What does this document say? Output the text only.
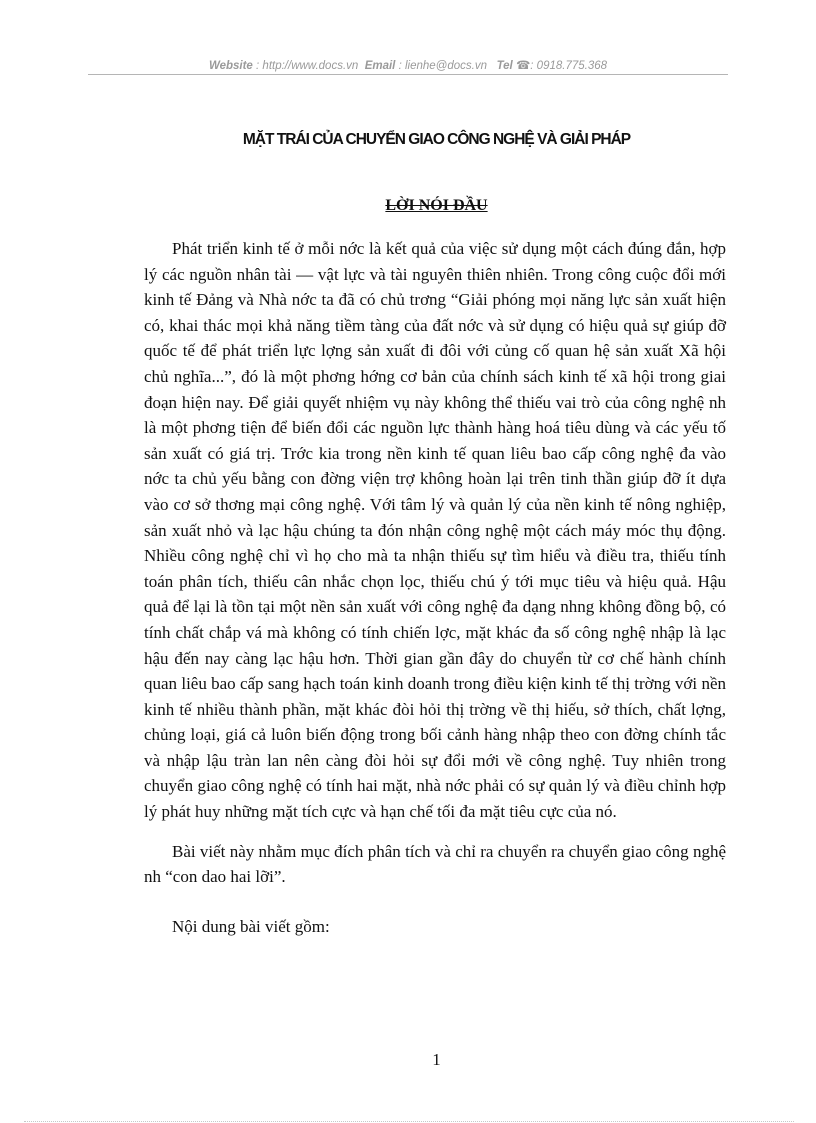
Website : http://www.docs.vn Email : lienhe@docs.vn Tel ☎: 0918.775.368
MẶT TRÁI CỦA CHUYỂN GIAO CÔNG NGHỆ VÀ GIẢI PHÁP
LỜI NÓI ĐẦU

Phát triển kinh tế ở mỗi nớc là kết quả của việc sử dụng một cách đúng đắn, hợp lý các nguồn nhân tài — vật lực và tài nguyên thiên nhiên. Trong công cuộc đổi mới kinh tế Đảng và Nhà nớc ta đã có chủ trơng “Giải phóng mọi năng lực sản xuất hiện có, khai thác mọi khả năng tiềm tàng của đất nớc và sử dụng có hiệu quả sự giúp đỡ quốc tế để phát triển lực lợng sản xuất đi đôi với củng cố quan hệ sản xuất Xã hội chủ nghĩa...”, đó là một phơng hớng cơ bản của chính sách kinh tế xã hội trong giai đoạn hiện nay. Để giải quyết nhiệm vụ này không thể thiếu vai trò của công nghệ nh là một phơng tiện để biến đổi các nguồn lực thành hàng hoá tiêu dùng và các yếu tố sản xuất có giá trị. Trớc kia trong nền kinh tế quan liêu bao cấp công nghệ đa vào nớc ta chủ yếu bằng con đờng viện trợ không hoàn lại trên tinh thần giúp đỡ ít dựa vào cơ sở thơng mại công nghệ. Với tâm lý và quản lý của nền kinh tế nông nghiệp, sản xuất nhỏ và lạc hậu chúng ta đón nhận công nghệ một cách máy móc thụ động. Nhiều công nghệ chỉ vì họ cho mà ta nhận thiếu sự tìm hiểu và điều tra, thiếu tính toán phân tích, thiếu cân nhắc chọn lọc, thiếu chú ý tới mục tiêu và hiệu quả. Hậu quả để lại là tồn tại một nền sản xuất với công nghệ đa dạng nhng không đồng bộ, có tính chất chắp vá mà không có tính chiến lợc, mặt khác đa số công nghệ nhập là lạc hậu đến nay càng lạc hậu hơn. Thời gian gần đây do chuyển từ cơ chế hành chính quan liêu bao cấp sang hạch toán kinh doanh trong điều kiện kinh tế thị trờng với nền kinh tế nhiều thành phần, mặt khác đòi hỏi thị trờng về thị hiếu, sở thích, chất lợng, chủng loại, giá cả luôn biến động trong bối cảnh hàng nhập theo con đờng chính tắc và nhập lậu tràn lan nên càng đòi hỏi sự đổi mới về công nghệ. Tuy nhiên trong chuyển giao công nghệ có tính hai mặt, nhà nớc phải có sự quản lý và điều chỉnh hợp lý phát huy những mặt tích cực và hạn chế tối đa mặt tiêu cực của nó.

Bài viết này nhằm mục đích phân tích và chỉ ra chuyển ra chuyển giao công nghệ nh “con dao hai lỡi”.

Nội dung bài viết gồm:

1
